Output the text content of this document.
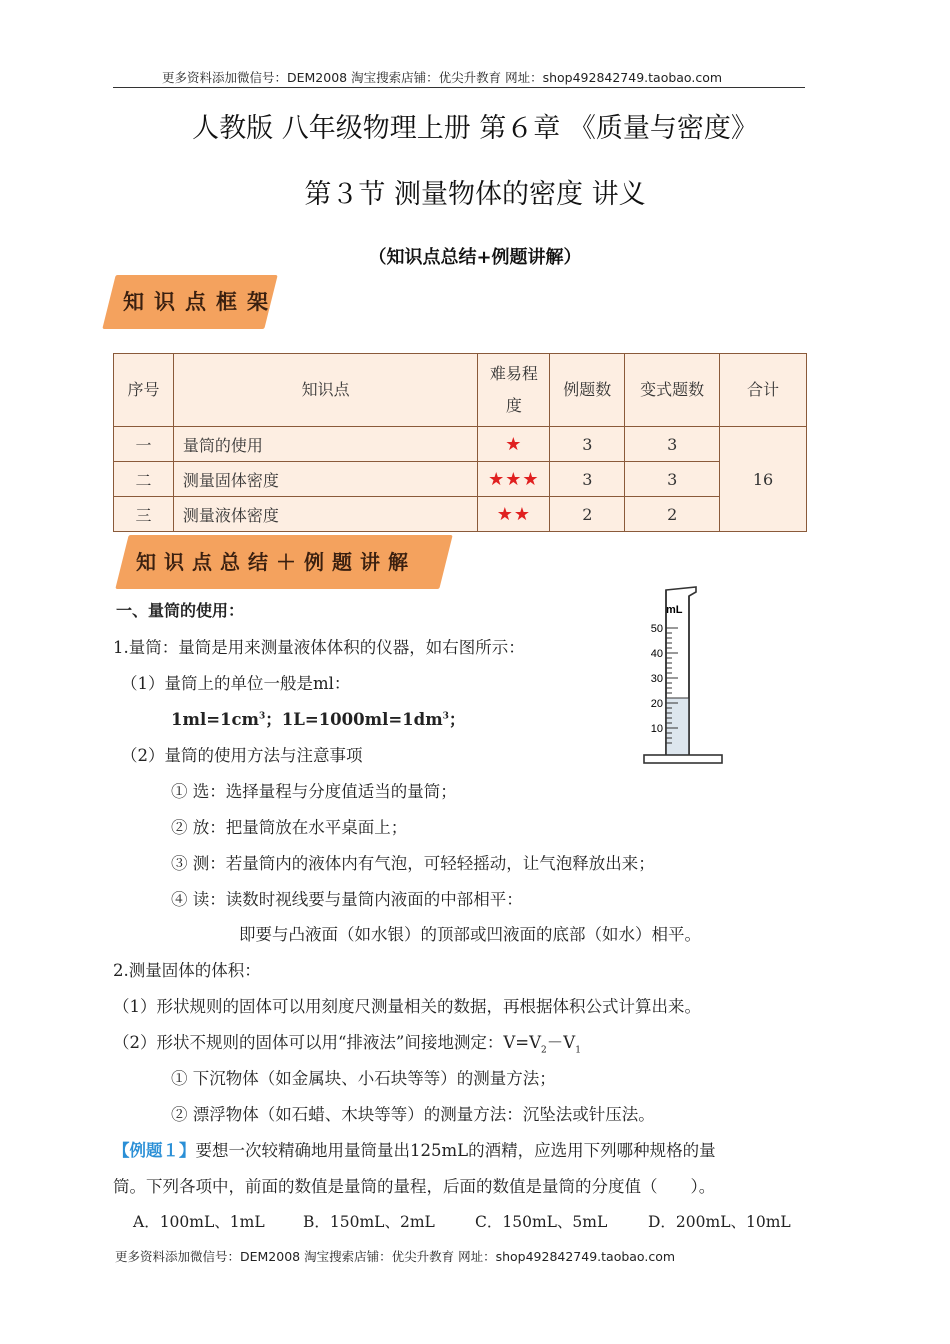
更多资料添加微信号：DEM2008 淘宝搜索店铺：优尖升教育 网址：shop492842749.taobao.com
人教版 八年级物理上册 第６章 《质量与密度》
第３节 测量物体的密度 讲义
（知识点总结+例题讲解）
知识点框架
序号	知识点	难易程度	例题数	变式题数	合计
一	量筒的使用	★	3	3	16
二	测量固体密度	★★★	3	3	
三	测量液体密度	★★	2	2	
知识点总结＋例题讲解
mL
50
40
30
20
10
一、量筒的使用：
1.量筒：量筒是用来测量液体体积的仪器，如右图所示：
（1）量筒上的单位一般是ml：
$1ml=1cm^3$；$1L=1000ml=1dm^3$；
（2）量筒的使用方法与注意事项
① 选：选择量程与分度值适当的量筒；
② 放：把量筒放在水平桌面上；
③ 测：若量筒内的液体内有气泡，可轻轻摇动，让气泡释放出来；
④ 读：读数时视线要与量筒内液面的中部相平：
即要与凸液面（如水银）的顶部或凹液面的底部（如水）相平。
2.测量固体的体积：
（1）形状规则的固体可以用刻度尺测量相关的数据，再根据体积公式计算出来。
（2）形状不规则的固体可以用“排液法”间接地测定：$V=V_2-V_1$
① 下沉物体（如金属块、小石块等等）的测量方法；
② 漂浮物体（如石蜡、木块等等）的测量方法：沉坠法或针压法。
【例题１】要想一次较精确地用量筒量出125mL的酒精，应选用下列哪种规格的量
筒。下列各项中，前面的数值是量筒的量程，后面的数值是量筒的分度值（　　）。
A．100mL、1mL B．150mL、2mL	C．150mL、5mL	D．200mL、10mL
更多资料添加微信号：DEM2008 淘宝搜索店铺：优尖升教育 网址：shop492842749.taobao.com
